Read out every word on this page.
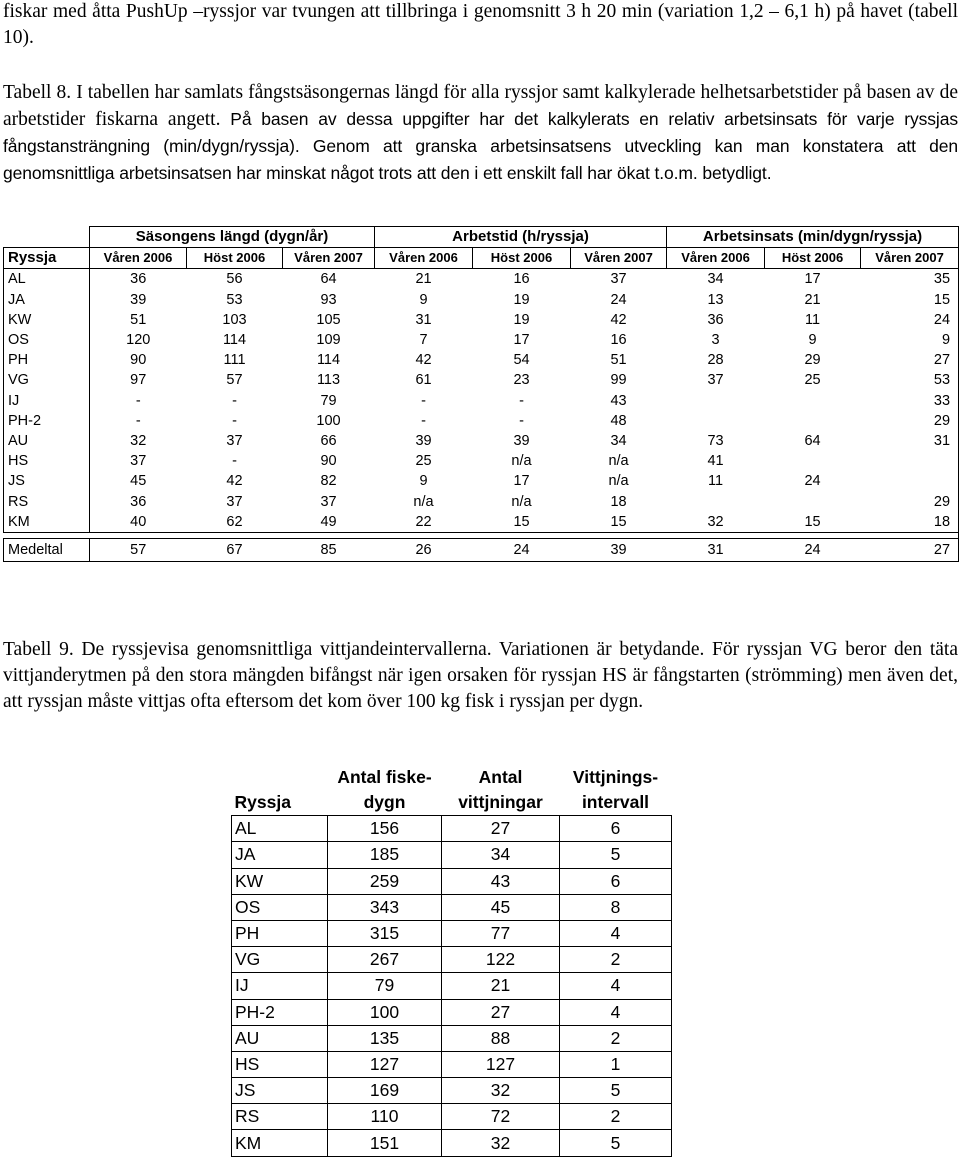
fiskar med åtta PushUp –ryssjor var tvungen att tillbringa i genomsnitt 3 h 20 min (variation 1,2 – 6,1 h) på havet (tabell 10).
Tabell 8. I tabellen har samlats fångstsäsongernas längd för alla ryssjor samt kalkylerade helhetsarbetstider på basen av de arbetstider fiskarna angett. På basen av dessa uppgifter har det kalkylerats en relativ arbetsinsats för varje ryssjas fångstansträngning (min/dygn/ryssja). Genom att granska arbetsinsatsens utveckling kan man konstatera att den genomsnittliga arbetsinsatsen har minskat något trots att den i ett enskilt fall har ökat t.o.m. betydligt.
	Säsongens längd (dygn/år)			Arbetstid (h/ryssja)			Arbetsinsats (min/dygn/ryssja)		
Ryssja	Våren 2006	Höst 2006	Våren 2007	Våren 2006	Höst 2006	Våren 2007	Våren 2006	Höst 2006	Våren 2007
AL	36	56	64	21	16	37	34	17	35
JA	39	53	93	9	19	24	13	21	15
KW	51	103	105	31	19	42	36	11	24
OS	120	114	109	7	17	16	3	9	9
PH	90	111	114	42	54	51	28	29	27
VG	97	57	113	61	23	99	37	25	53
IJ	-	-	79	-	-	43			33
PH-2	-	-	100	-	-	48			29
AU	32	37	66	39	39	34	73	64	31
HS	37	-	90	25	n/a	n/a	41		
JS	45	42	82	9	17	n/a	11	24	
RS	36	37	37	n/a	n/a	18			29
KM	40	62	49	22	15	15	32	15	18

Medeltal	57	67	85	26	24	39	31	24	27
Tabell 9. De ryssjevisa genomsnittliga vittjandeintervallerna. Variationen är betydande. För ryssjan VG beror den täta vittjanderytmen på den stora mängden bifångst när igen orsaken för ryssjan HS är fångstarten (strömming) men även det, att ryssjan måste vittjas ofta eftersom det kom över 100 kg fisk i ryssjan per dygn.
	Antal fiske-	Antal	Vittjnings-
Ryssja	dygn	vittjningar	intervall
AL	156	27	6
JA	185	34	5
KW	259	43	6
OS	343	45	8
PH	315	77	4
VG	267	122	2
IJ	79	21	4
PH-2	100	27	4
AU	135	88	2
HS	127	127	1
JS	169	32	5
RS	110	72	2
KM	151	32	5
